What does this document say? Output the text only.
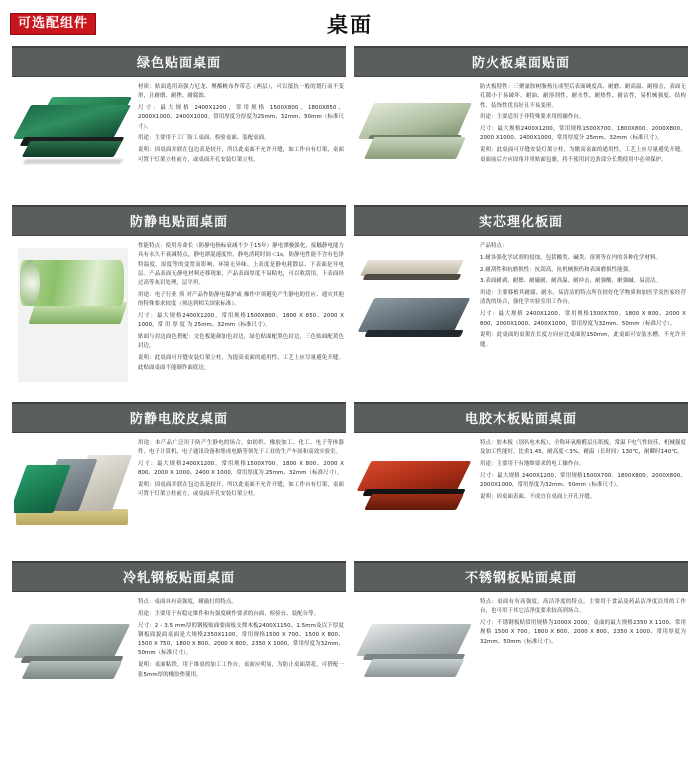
可选配组件	桌面
绿色贴面桌面

材质：贴面选用高强力尼龙、聚酯帆布作带芯（两层），可以抵抗一般的划行而不变形，且耐磨、耐挫、耐腐蚀。

尺寸：最大规格 2400X1200，常用规格 1500X800。1800X850、2000X1000、2400X1000。常用厚度分厚度为25mm、32mm、50mm（标准尺寸）。

用途：主要用于工厂防工桌面、检验桌面、装配桌面。

说明：因桌面并联在包边表是较开，所以此桌面不允许开缝，如工作台有灯架，桌面可置于灯架立柱前方，或桌面开孔安装灯架立柱。

防火板桌面贴面

防火板特性：三聚氰胺树脂热压成型后表面硬度高、耐磨、耐高温、耐撞击，表面无孔隙小于易破坏，耐油、耐溶剂性、耐水性、耐热性、耐沾性，易机械强度、结构性、装饰性优良好且不易变形。

用途：主要适用于非特殊要求用的操作台。

尺寸：最大规格2400X1200，常用规格1500X700。1800X800、2000X800、2000 X1000、2400X1000，常用厚度分 25mm、32mm（标准尺寸）。

说明：此桌面可开缝安装灯架立柱，为缴高桌面的通用性，工艺上应尽量避免开缝。桌面前后方应固角并用贴面包裹。将不使用封边条部分长期使用中必须保护。

防静电贴面桌面

性能特点：使用寿命长（防静电指标衰减不少于15年）静电漂极强化，接触静电能力具有永久不衰减特点，静电漂混速度快，静电消耗时间＜1s，防静电性能不含有色泽特温度，湿度等的变宽而影响，环境无异味、上表度是静电耗散层、下表面是导电层。产品表面无静电材料还移现象，产品表面厚度不易粘电，可以收刮用。下表面经过高等灰岩处理，层平坦。

用途：电子行业 须 对产品作防静电保护或 操作中须避免产生静电的任应、通灾其他的特殊要求较度（须达到相关国家标准）。

尺寸：最大规格2400X1200，常用规格1500X800、1800 X 850、2000 X 1000，常 用 厚 度 为 25mm、32mm（标准尺寸）。

贴面与封边面色搭配：交色板能颜加色封边，绿色贴面配黑色封边，三色贴面配黄色封边。

说明：此桌面可开缝安装灯架立柱，为提高桌面的通用性，工艺上应尽量避免开缝。此贴面桌面不能制作面底边。

实芯理化板面

产品特点：

1.耐各强化学试剂的侵蚀，包括酸类、碱类、溶剂等在内的各种化学材料。

2.耐刮性和抗磨损性：抗刮高，抗机械损伤和表面磨损性能强。

3.表面耐剥、耐擦、耐磁耐、耐高温、耐冲击、耐强酸、耐强碱、易清洁。

用途：主要移植其耐腐、耐水、易清洁的特点所在较好化学物质和加医学及医家经营清洗的场合，强化学实验室用工作台。

尺寸：最大规格 2400X1200，常用规格1500X700。1800 X 800、2000 X 800、2000X1000、2400X1000，常用厚度为32mm、50mm（标准尺寸）。

说明：此桌面的桌架在长度方向应比桌面短150mm，此桌面可安装水槽，不允许开缝。

防静电胶皮桌面

用途：本产品广泛用于防产生静电的场合，如纺织、橡胶加工、化工、电子等体器件、电子计算机、电子通讯设备和集成电路等领先于工业的生产车间和高效实验室。

尺寸：最大规格2400X1200，常用规格1500X700。1800 X 800、2000 X 800、2000 X 1000、2400 X 1000，常用厚度为 25mm、32mm（标准尺寸）。

说明：因桌面并联在包边表是较开，所以此桌面不允许开缝，如工作台有灯架，桌面可置于灯架立柱前方，或桌面开孔安装灯架立柱。

电胶木板贴面桌面

特点：胶木板（别名电木板），全称环氧酚醛层压纸板，常温下电气性较佳，机械强度及加工性能好，比重1.45，耐高度＜3%，耐温（长时间）130℃，耐瞬时140℃。

用途：主要用于有地维要求的电工操作台。

尺寸：最大规格 2400X1200，常用规格1500X700。1800X800、2000X800、2000X1000，常用厚度为32mm、50mm（标准尺寸）。

说明：因桌面表面、不成宜在桌面上开孔开缝。

冷轧钢板贴面桌面

特点：桌面具有高强度，耐敲打的特点。

用途：主要用于有稳定维件和有强度硬作要求的台面、检验台、装配台等。

尺寸：2 - 3.5 mm厚的钢板贴面要面板支撑木板2400X1150、1.5mm及以下厚度钢板面貌面桌面是大规格2350X1100，常用规格1500 X 700、1500 X 800、1500 X 750、1800 X 800、2000 X 800、2350 X 1000，常用厚度为32mm、50mm（标准尺寸）。

说明：桌面粘铁，用于维桌的加工工作台，桌面应明显，为防止桌面刮花，可搭配一张5mm厚的橡胶垫使用。

不锈钢板贴面桌面

特点：桌面有有高强度，高洁净度的特点，主要用于食品及药品洁净度洁用的工作台，也可用于其它洁净度要求较高到场合。

尺寸：不锈钢板贴常用规格为1000X 2000，桌面的最大规格2350 X 1100、常用规格 1500 X 700。1800 X 800、2000 X 800、2350 X 1000、常用厚度为32mm、50mm（标准尺寸）。
